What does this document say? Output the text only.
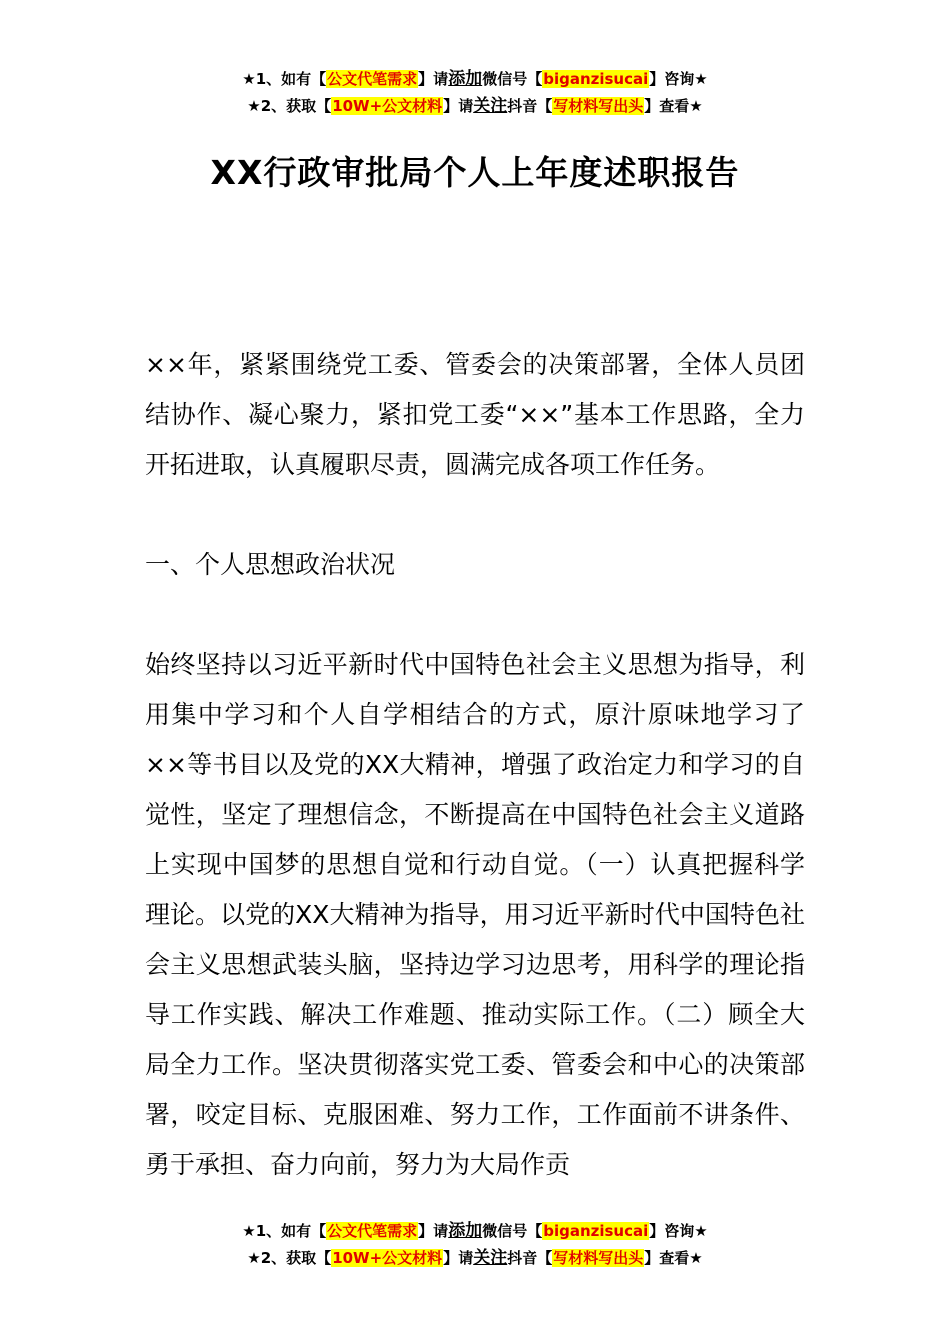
★1、如有【公文代笔需求】请添加微信号【biganzisucai】咨询★
★2、获取【10W+公文材料】请关注抖音【写材料写出头】查看★
XX行政审批局个人上年度述职报告

××年，紧紧围绕党工委、管委会的决策部署，全体人员团结协作、凝心聚力，紧扣党工委“××”基本工作思路，全力开拓进取，认真履职尽责，圆满完成各项工作任务。

一、个人思想政治状况

始终坚持以习近平新时代中国特色社会主义思想为指导，利用集中学习和个人自学相结合的方式，原汁原味地学习了××等书目以及党的XX大精神，增强了政治定力和学习的自觉性，坚定了理想信念，不断提高在中国特色社会主义道路上实现中国梦的思想自觉和行动自觉。（一）认真把握科学理论。以党的XX大精神为指导，用习近平新时代中国特色社会主义思想武装头脑，坚持边学习边思考，用科学的理论指导工作实践、解决工作难题、推动实际工作。（二）顾全大局全力工作。坚决贯彻落实党工委、管委会和中心的决策部署，咬定目标、克服困难、努力工作，工作面前不讲条件、勇于承担、奋力向前，努力为大局作贡

★1、如有【公文代笔需求】请添加微信号【biganzisucai】咨询★
★2、获取【10W+公文材料】请关注抖音【写材料写出头】查看★
